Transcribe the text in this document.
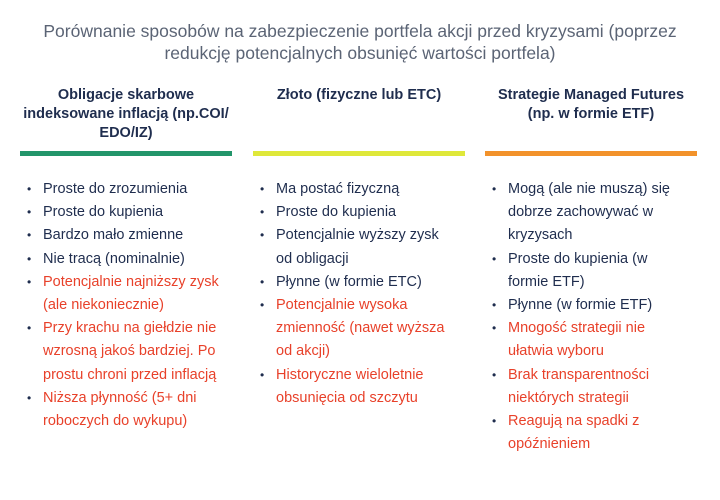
Porównanie sposobów na zabezpieczenie portfela akcji przed kryzysami (poprzez
redukcję potencjalnych obsunięć wartości portfela)
Obligacje skarbowe
indeksowane inflacją (np.COI/
EDO/IZ)
• Proste do zrozumienia
• Proste do kupienia
• Bardzo mało zmienne
• Nie tracą (nominalnie)
• Potencjalnie najniższy zysk
(ale niekoniecznie)
• Przy krachu na giełdzie nie
wzrosną jakoś bardziej. Po
prostu chroni przed inflacją
• Niższa płynność (5+ dni
roboczych do wykupu)
Złoto (fizyczne lub ETC)
• Ma postać fizyczną
• Proste do kupienia
• Potencjalnie wyższy zysk
od obligacji
• Płynne (w formie ETC)
• Potencjalnie wysoka
zmienność (nawet wyższa
od akcji)
• Historyczne wieloletnie
obsunięcia od szczytu
Strategie Managed Futures
(np. w formie ETF)
• Mogą (ale nie muszą) się
dobrze zachowywać w
kryzysach
• Proste do kupienia (w
formie ETF)
• Płynne (w formie ETF)
• Mnogość strategii nie
ułatwia wyboru
• Brak transparentności
niektórych strategii
• Reagują na spadki z
opóźnieniem
